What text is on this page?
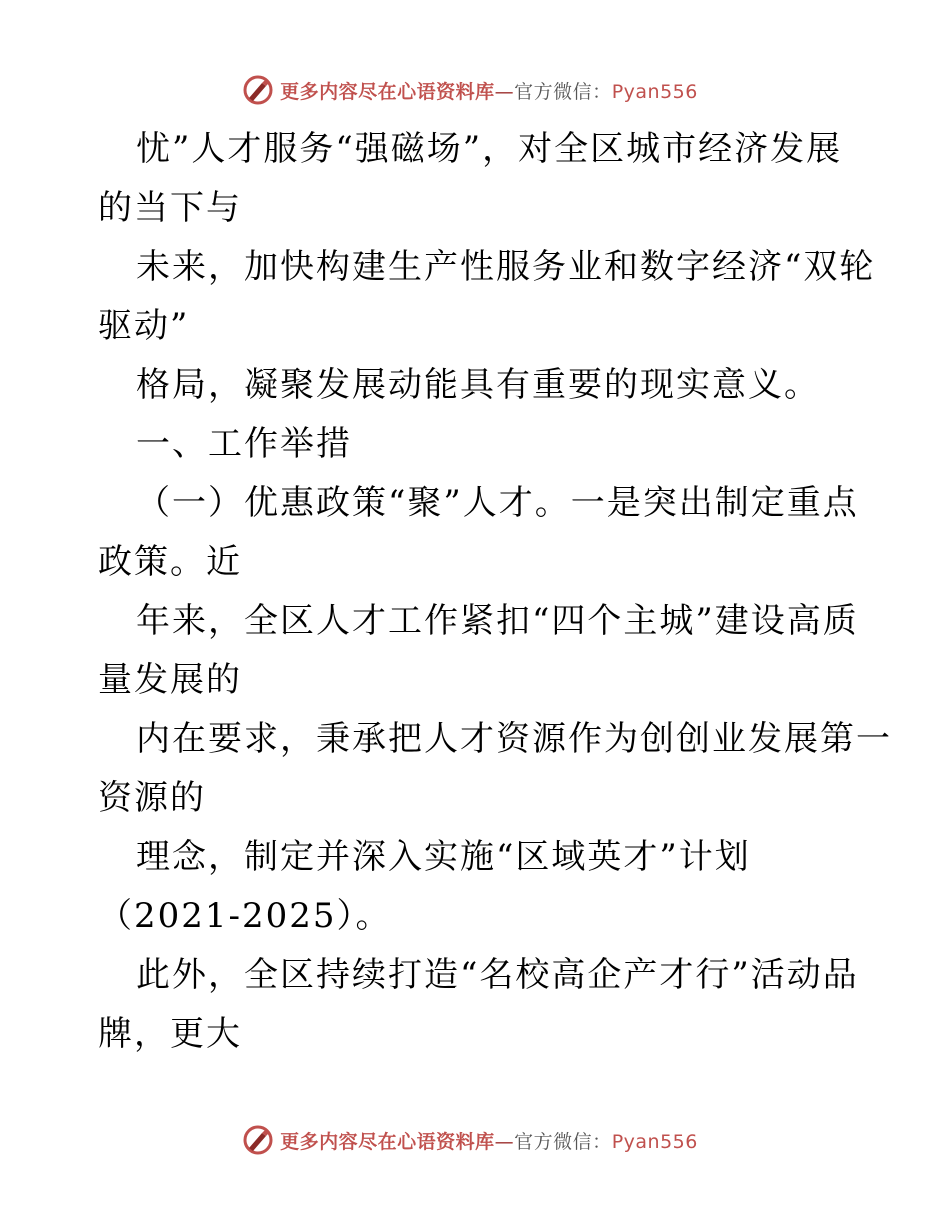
更多内容尽在心语资料库—官方微信：Pyan556

忧”人才服务“强磁场”，对全区城市经济发展

的当下与

未来，加快构建生产性服务业和数字经济“双轮

驱动”

格局，凝聚发展动能具有重要的现实意义。

一、工作举措

（一）优惠政策“聚”人才。一是突出制定重点

政策。近

年来，全区人才工作紧扣“四个主城”建设高质

量发展的

内在要求，秉承把人才资源作为创创业发展第一

资源的

理念，制定并深入实施“区域英才”计划

（2021-2025）。

此外，全区持续打造“名校高企产才行”活动品

牌，更大

更多内容尽在心语资料库—官方微信：Pyan556
